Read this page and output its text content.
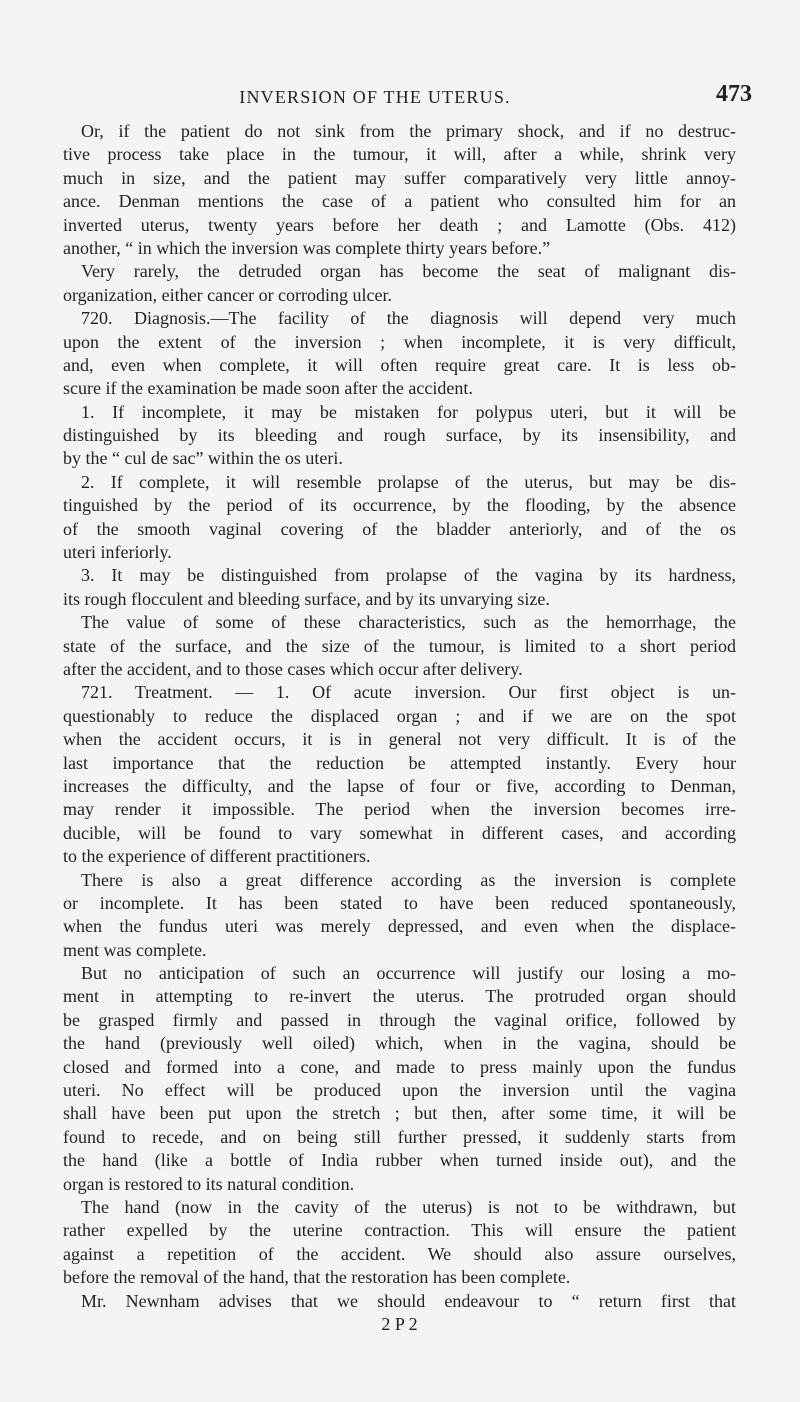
INVERSION OF THE UTERUS.	473
Or, if the patient do not sink from the primary shock, and if no destruc-
tive process take place in the tumour, it will, after a while, shrink very
much in size, and the patient may suffer comparatively very little annoy-
ance. Denman mentions the case of a patient who consulted him for an
inverted uterus, twenty years before her death ; and Lamotte (Obs. 412)
another, “ in which the inversion was complete thirty years before.”
Very rarely, the detruded organ has become the seat of malignant dis-
organization, either cancer or corroding ulcer.
720. Diagnosis.—The facility of the diagnosis will depend very much
upon the extent of the inversion ; when incomplete, it is very difficult,
and, even when complete, it will often require great care. It is less ob-
scure if the examination be made soon after the accident.
1. If incomplete, it may be mistaken for polypus uteri, but it will be
distinguished by its bleeding and rough surface, by its insensibility, and
by the “ cul de sac” within the os uteri.
2. If complete, it will resemble prolapse of the uterus, but may be dis-
tinguished by the period of its occurrence, by the flooding, by the absence
of the smooth vaginal covering of the bladder anteriorly, and of the os
uteri inferiorly.
3. It may be distinguished from prolapse of the vagina by its hardness,
its rough flocculent and bleeding surface, and by its unvarying size.
The value of some of these characteristics, such as the hemorrhage, the
state of the surface, and the size of the tumour, is limited to a short period
after the accident, and to those cases which occur after delivery.
721. Treatment. — 1. Of acute inversion. Our first object is un-
questionably to reduce the displaced organ ; and if we are on the spot
when the accident occurs, it is in general not very difficult. It is of the
last importance that the reduction be attempted instantly. Every hour
increases the difficulty, and the lapse of four or five, according to Denman,
may render it impossible. The period when the inversion becomes irre-
ducible, will be found to vary somewhat in different cases, and according
to the experience of different practitioners.
There is also a great difference according as the inversion is complete
or incomplete. It has been stated to have been reduced spontaneously,
when the fundus uteri was merely depressed, and even when the displace-
ment was complete.
But no anticipation of such an occurrence will justify our losing a mo-
ment in attempting to re-invert the uterus. The protruded organ should
be grasped firmly and passed in through the vaginal orifice, followed by
the hand (previously well oiled) which, when in the vagina, should be
closed and formed into a cone, and made to press mainly upon the fundus
uteri. No effect will be produced upon the inversion until the vagina
shall have been put upon the stretch ; but then, after some time, it will be
found to recede, and on being still further pressed, it suddenly starts from
the hand (like a bottle of India rubber when turned inside out), and the
organ is restored to its natural condition.
The hand (now in the cavity of the uterus) is not to be withdrawn, but
rather expelled by the uterine contraction. This will ensure the patient
against a repetition of the accident. We should also assure ourselves,
before the removal of the hand, that the restoration has been complete.
Mr. Newnham advises that we should endeavour to “ return first that
2 P 2
